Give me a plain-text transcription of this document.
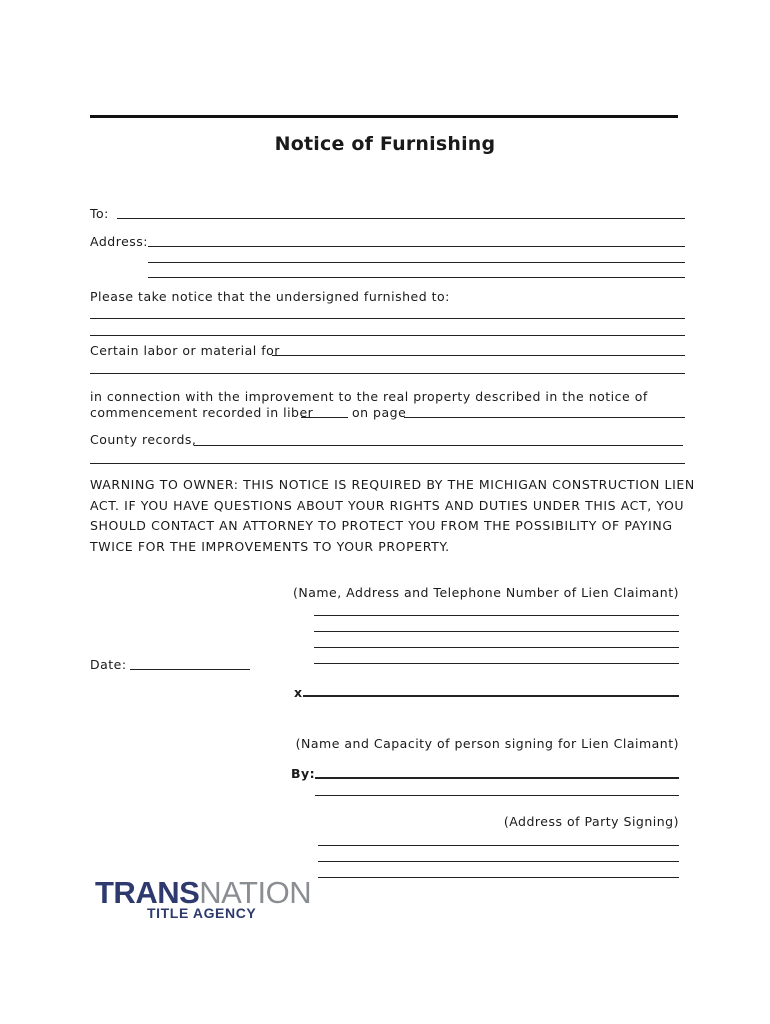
Notice of Furnishing
To:
Address:
Please take notice that the undersigned furnished to:
Certain labor or material for
in connection with the improvement to the real property described in the notice of
commencement recorded in liber	on page
County records,
WARNING TO OWNER: THIS NOTICE IS REQUIRED BY THE MICHIGAN CONSTRUCTION LIEN
ACT. IF YOU HAVE QUESTIONS ABOUT YOUR RIGHTS AND DUTIES UNDER THIS ACT, YOU
SHOULD CONTACT AN ATTORNEY TO PROTECT YOU FROM THE POSSIBILITY OF PAYING
TWICE FOR THE IMPROVEMENTS TO YOUR PROPERTY.
(Name, Address and Telephone Number of Lien Claimant)
Date:
x
(Name and Capacity of person signing for Lien Claimant)
By:
(Address of Party Signing)
TRANSNATION
TITLE AGENCY
